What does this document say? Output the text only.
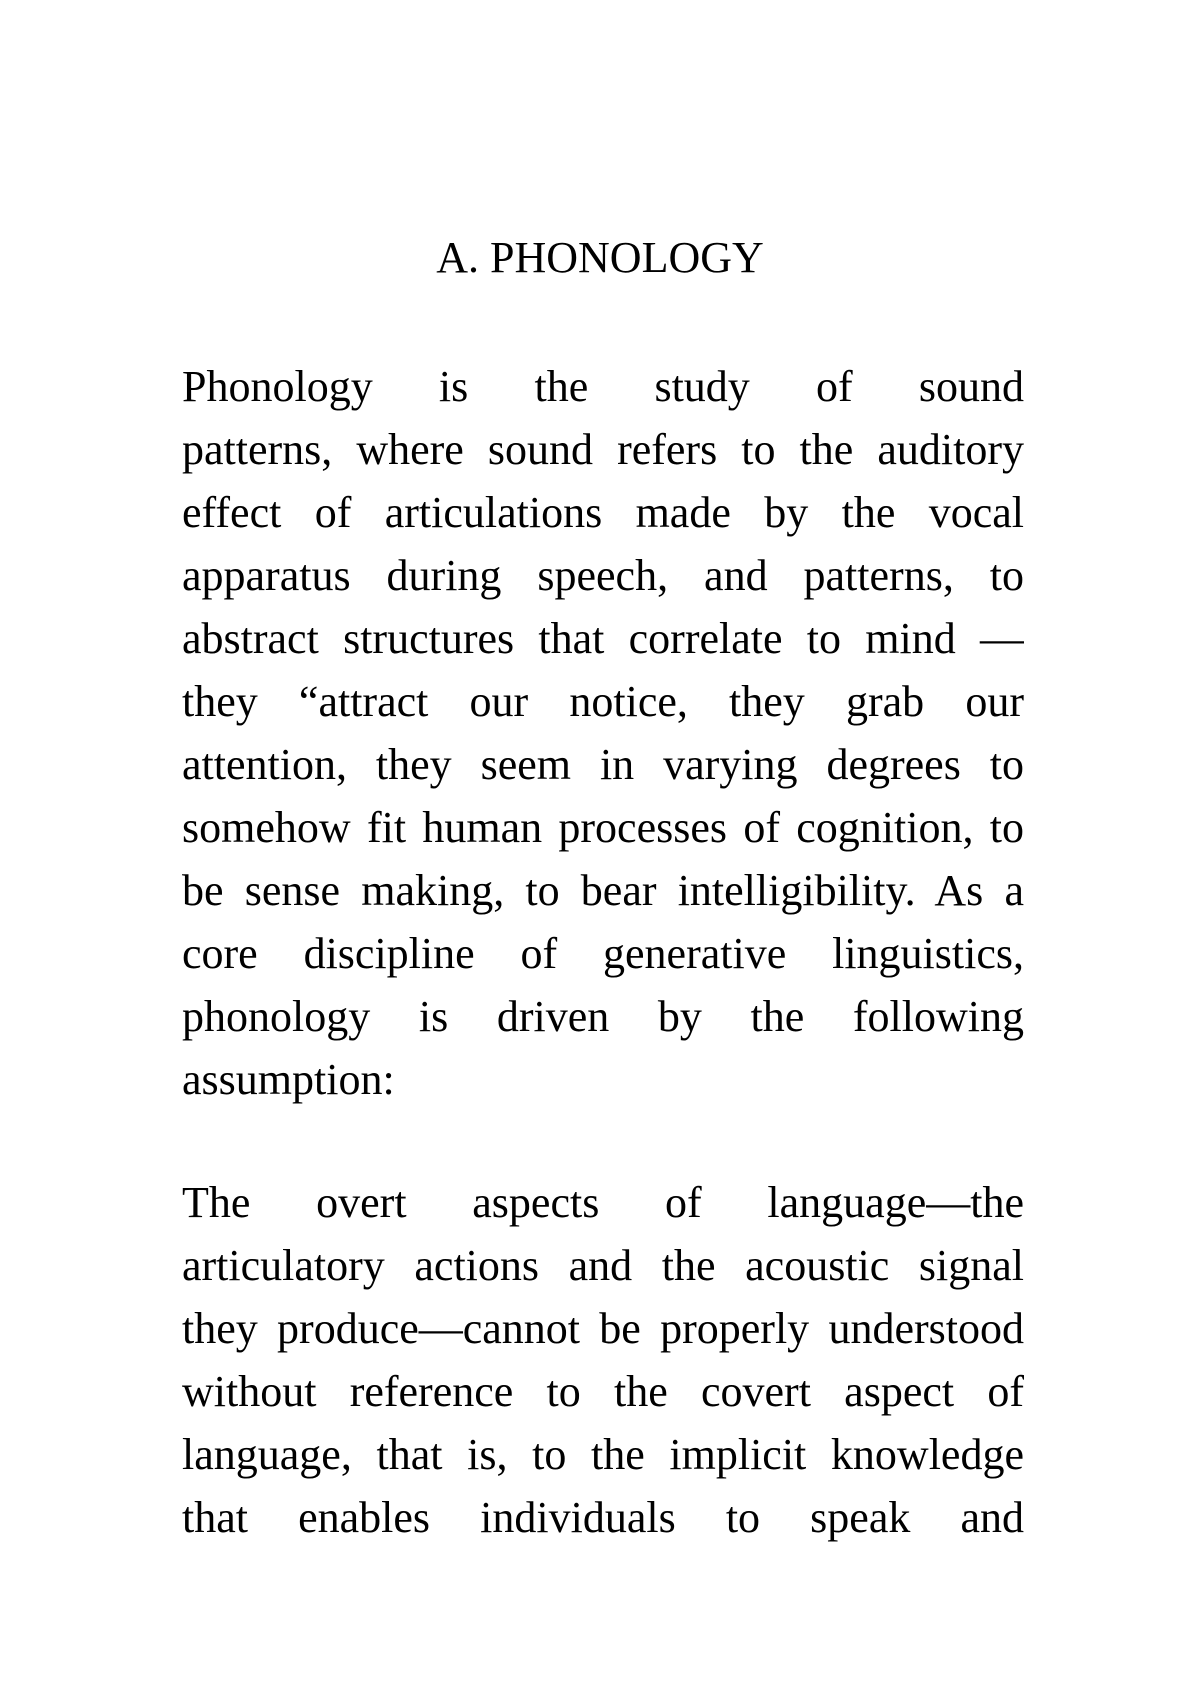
A. PHONOLOGY
Phonology is the study of sound
patterns, where sound refers to the auditory
effect of articulations made by the vocal
apparatus during speech, and patterns, to
abstract structures that correlate to mind —
they “attract our notice, they grab our
attention, they seem in varying degrees to
somehow fit human processes of cognition, to
be sense making, to bear intelligibility. As a
core discipline of generative linguistics,
phonology is driven by the following
assumption:
The overt aspects of language—the
articulatory actions and the acoustic signal
they produce—cannot be properly understood
without reference to the covert aspect of
language, that is, to the implicit knowledge
that enables individuals to speak and
